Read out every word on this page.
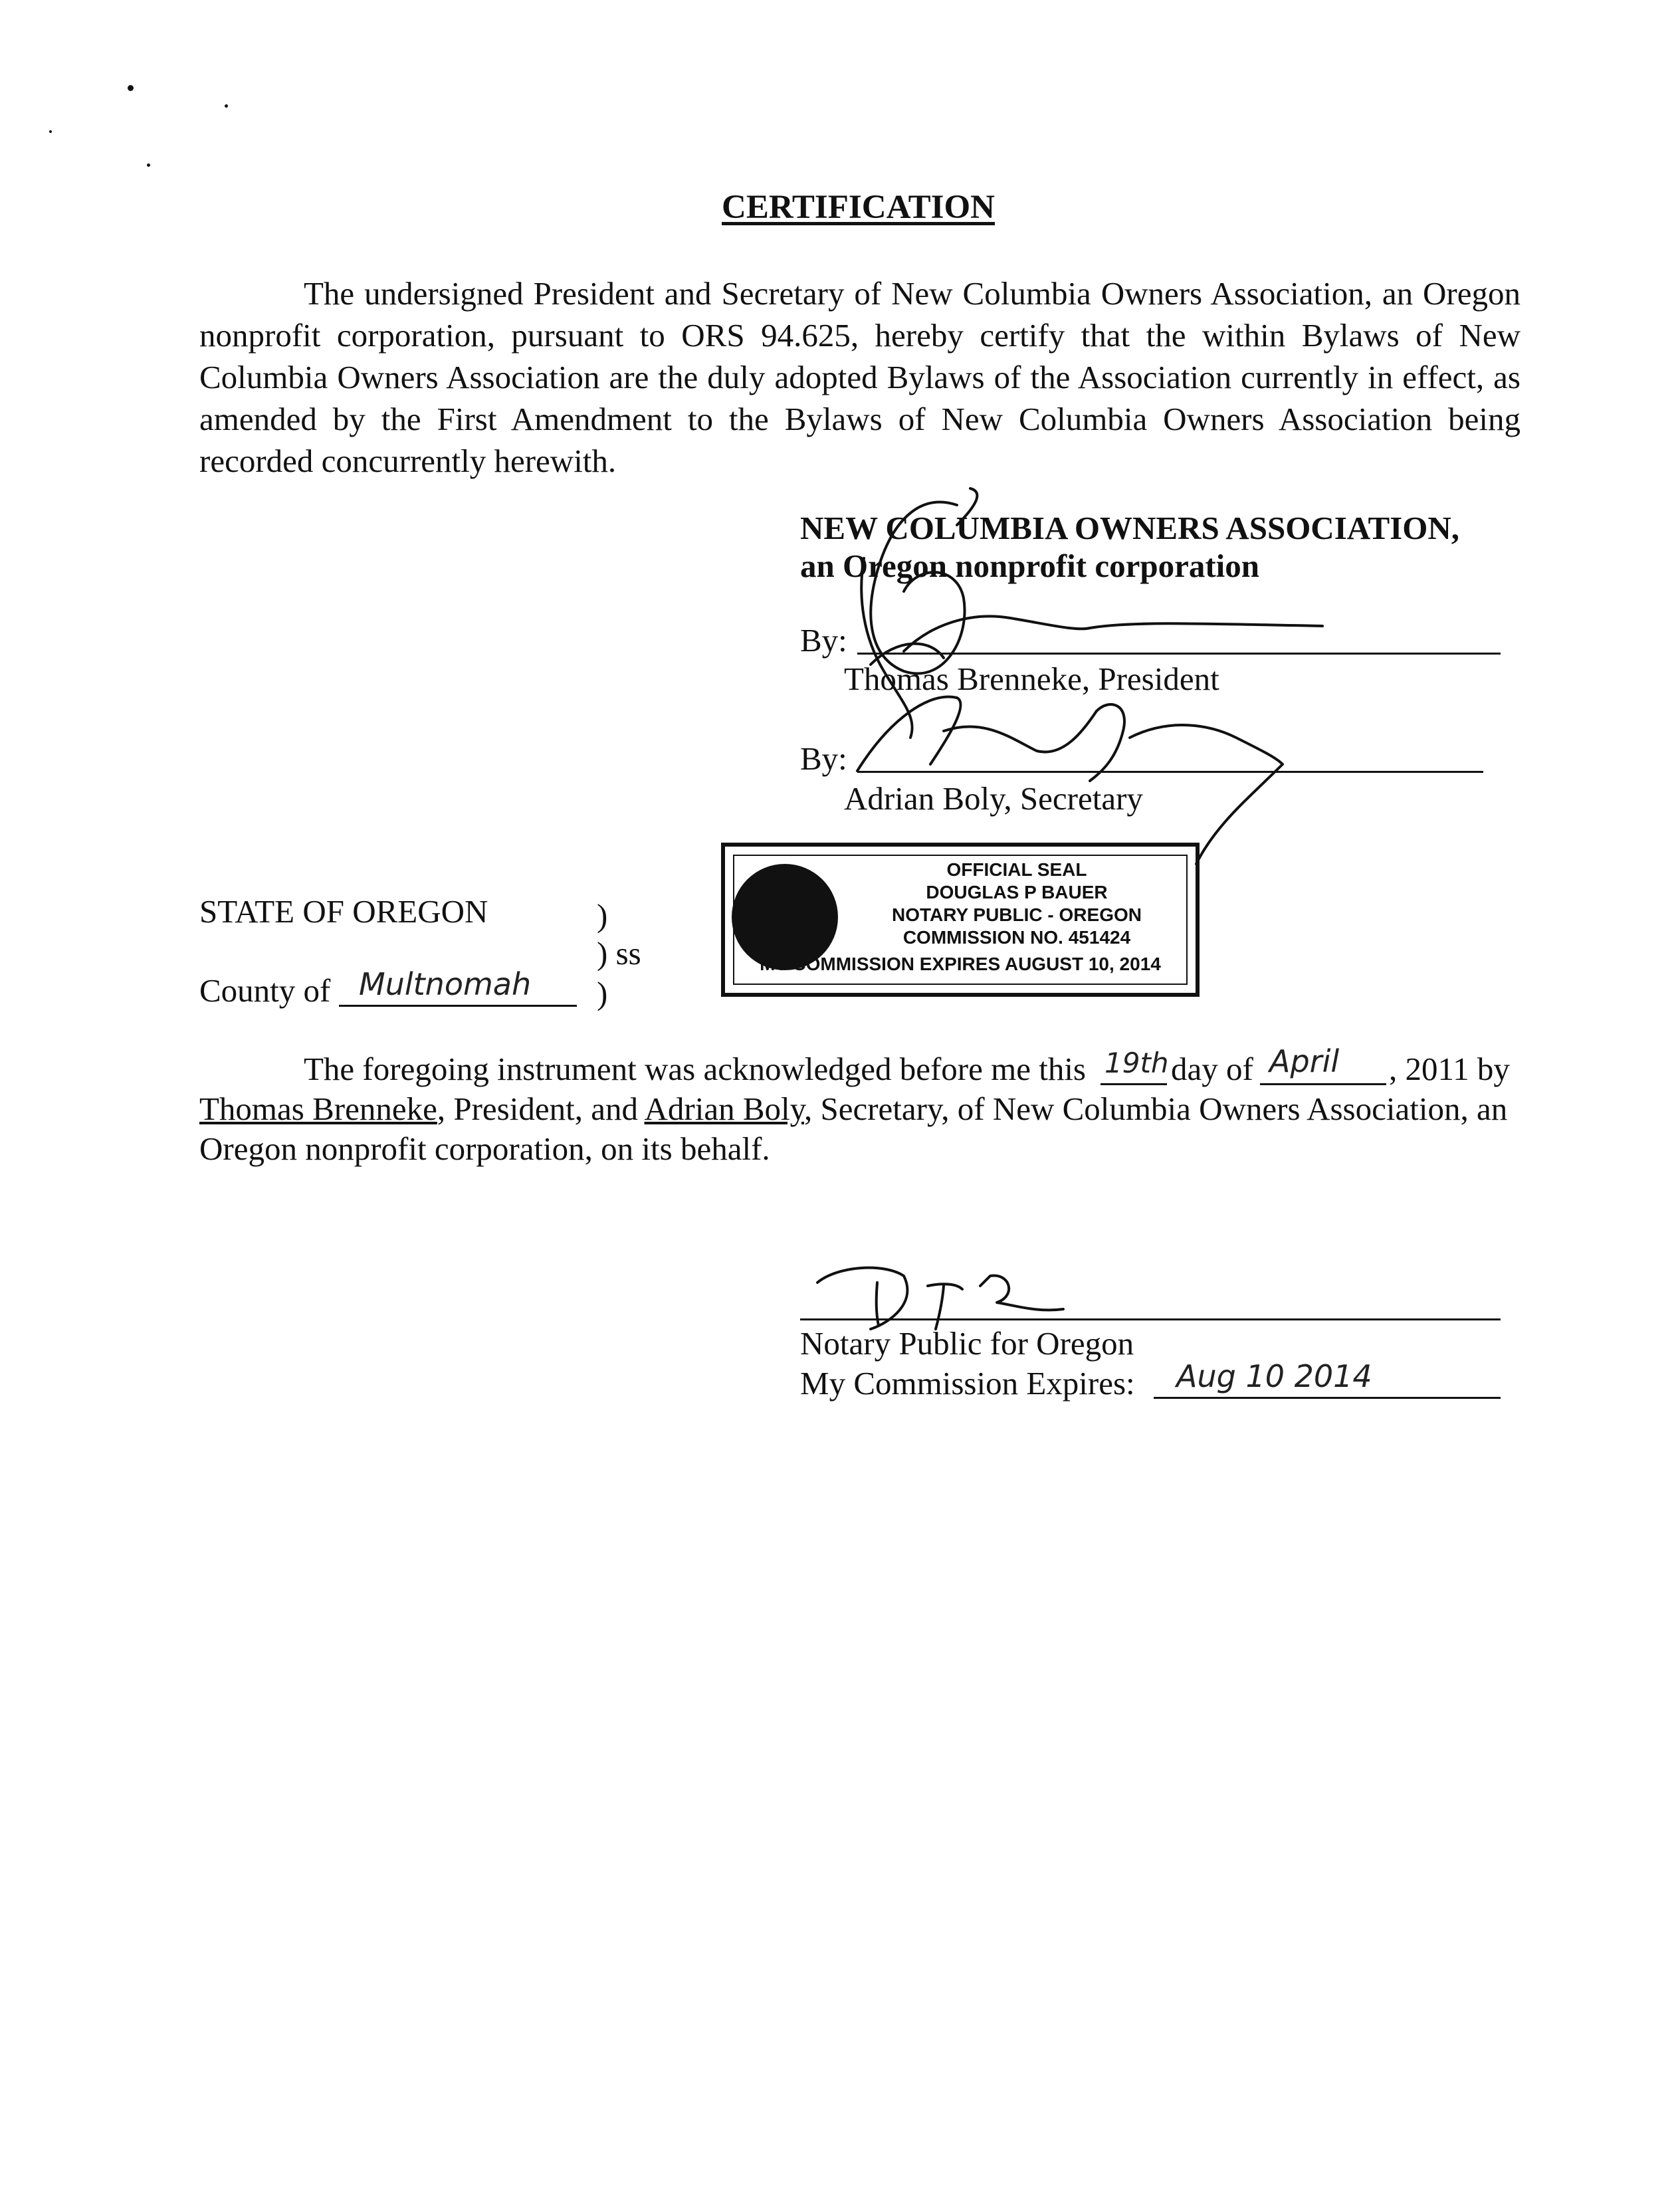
CERTIFICATION
The undersigned President and Secretary of New Columbia Owners Association, an Oregon
nonprofit corporation, pursuant to ORS 94.625, hereby certify that the within Bylaws of New
Columbia Owners Association are the duly adopted Bylaws of the Association currently in effect, as
amended by the First Amendment to the Bylaws of New Columbia Owners Association being
recorded concurrently herewith.
NEW COLUMBIA OWNERS ASSOCIATION,
an Oregon nonprofit corporation
By:
Thomas Brenneke, President
By:
Adrian Boly, Secretary
STATE OF OREGON	)
) ss
County of Multnomah )
OFFICIAL SEAL
DOUGLAS P BAUER
NOTARY PUBLIC - OREGON
COMMISSION NO. 451424
MY COMMISSION EXPIRES AUGUST 10, 2014
The foregoing instrument was acknowledged before me this 19th day of April , 2011 by
Thomas Brenneke, President, and Adrian Boly, Secretary, of New Columbia Owners Association, an
Oregon nonprofit corporation, on its behalf.
Notary Public for Oregon
My Commission Expires: Aug 10 2014
